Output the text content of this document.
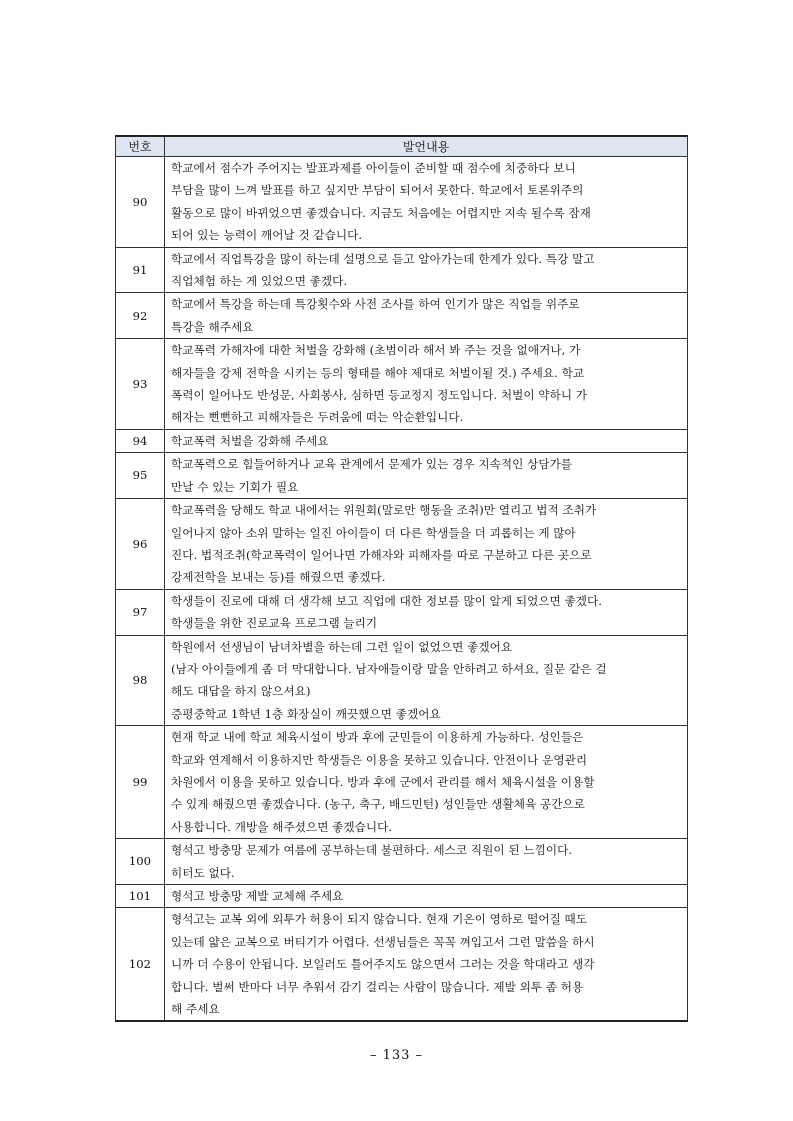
번호	발언내용
90	학교에서 점수가 주어지는 발표과제를 아이들이 준비할 때 점수에 치중하다 보니
부담을 많이 느껴 발표를 하고 싶지만 부담이 되어서 못한다. 학교에서 토론위주의
활동으로 많이 바뀌었으면 좋겠습니다. 지금도 처음에는 어렵지만 지속 될수록 잠재
되어 있는 능력이 깨어날 것 같습니다.

91	학교에서 직업특강을 많이 하는데 설명으로 듣고 알아가는데 한계가 있다. 특강 말고
직업체험 하는 게 있었으면 좋겠다.

92	학교에서 특강을 하는데 특강횟수와 사전 조사를 하여 인기가 많은 직업들 위주로
특강을 해주세요

93	학교폭력 가해자에 대한 처벌을 강화해 (초범이라 해서 봐 주는 것을 없애거나, 가
해자들을 강제 전학을 시키는 등의 형태를 해야 제대로 처벌이될 것.) 주세요. 학교
폭력이 일어나도 반성문, 사회봉사, 심하면 등교정지 정도입니다. 처벌이 약하니 가
해자는 뻔뻔하고 피해자들은 두려움에 떠는 악순환입니다.

94	학교폭력 처벌을 강화해 주세요

95	학교폭력으로 힘들어하거나 교육 관계에서 문제가 있는 경우 지속적인 상담가를
만날 수 있는 기회가 필요

96	학교폭력을 당해도 학교 내에서는 위원회(말로만 행동을 조취)만 열리고 법적 조취가
일어나지 않아 소위 말하는 일진 아이들이 더 다른 학생들을 더 괴롭히는 게 많아
진다. 법적조취(학교폭력이 일어나면 가해자와 피해자를 따로 구분하고 다른 곳으로
강제전학을 보내는 등)를 해줬으면 좋겠다.

97	학생들이 진로에 대해 더 생각해 보고 직업에 대한 정보를 많이 알게 되었으면 좋겠다.
학생들을 위한 진로교육 프로그램 늘리기

98	학원에서 선생님이 남녀차별을 하는데 그런 일이 없었으면 좋겠어요
(남자 아이들에게 좀 더 막대합니다. 남자애들이랑 말을 안하려고 하셔요, 질문 같은 걸
해도 대답을 하지 않으셔요)
증평중학교 1학년 1층 화장실이 깨끗했으면 좋겠어요

99	현재 학교 내에 학교 체육시설이 방과 후에 군민들이 이용하게 가능하다. 성인들은
학교와 연계해서 이용하지만 학생들은 이용을 못하고 있습니다. 안전이나 운영관리
차원에서 이용을 못하고 있습니다. 방과 후에 군에서 관리를 해서 체육시설을 이용할
수 있게 해줬으면 좋겠습니다. (농구, 축구, 배드민턴) 성인들만 생활체육 공간으로
사용합니다. 개방을 해주셨으면 좋겠습니다.

100	형석고 방충망 문제가 여름에 공부하는데 불편하다. 세스코 직원이 된 느낌이다.
히터도 없다.

101	형석고 방충망 제발 교체해 주세요

102	형석고는 교복 외에 외투가 허용이 되지 않습니다. 현재 기온이 영하로 떨어질 때도
있는데 얇은 교복으로 버티기가 어렵다. 선생님들은 꼭꼭 껴입고서 그런 말씀을 하시
니까 더 수용이 안됩니다. 보일러도 틀어주지도 않으면서 그러는 것을 학대라고 생각
합니다. 벌써 반마다 너무 추워서 감기 걸리는 사람이 많습니다. 제발 외투 좀 허용
해 주세요
– 133 –
